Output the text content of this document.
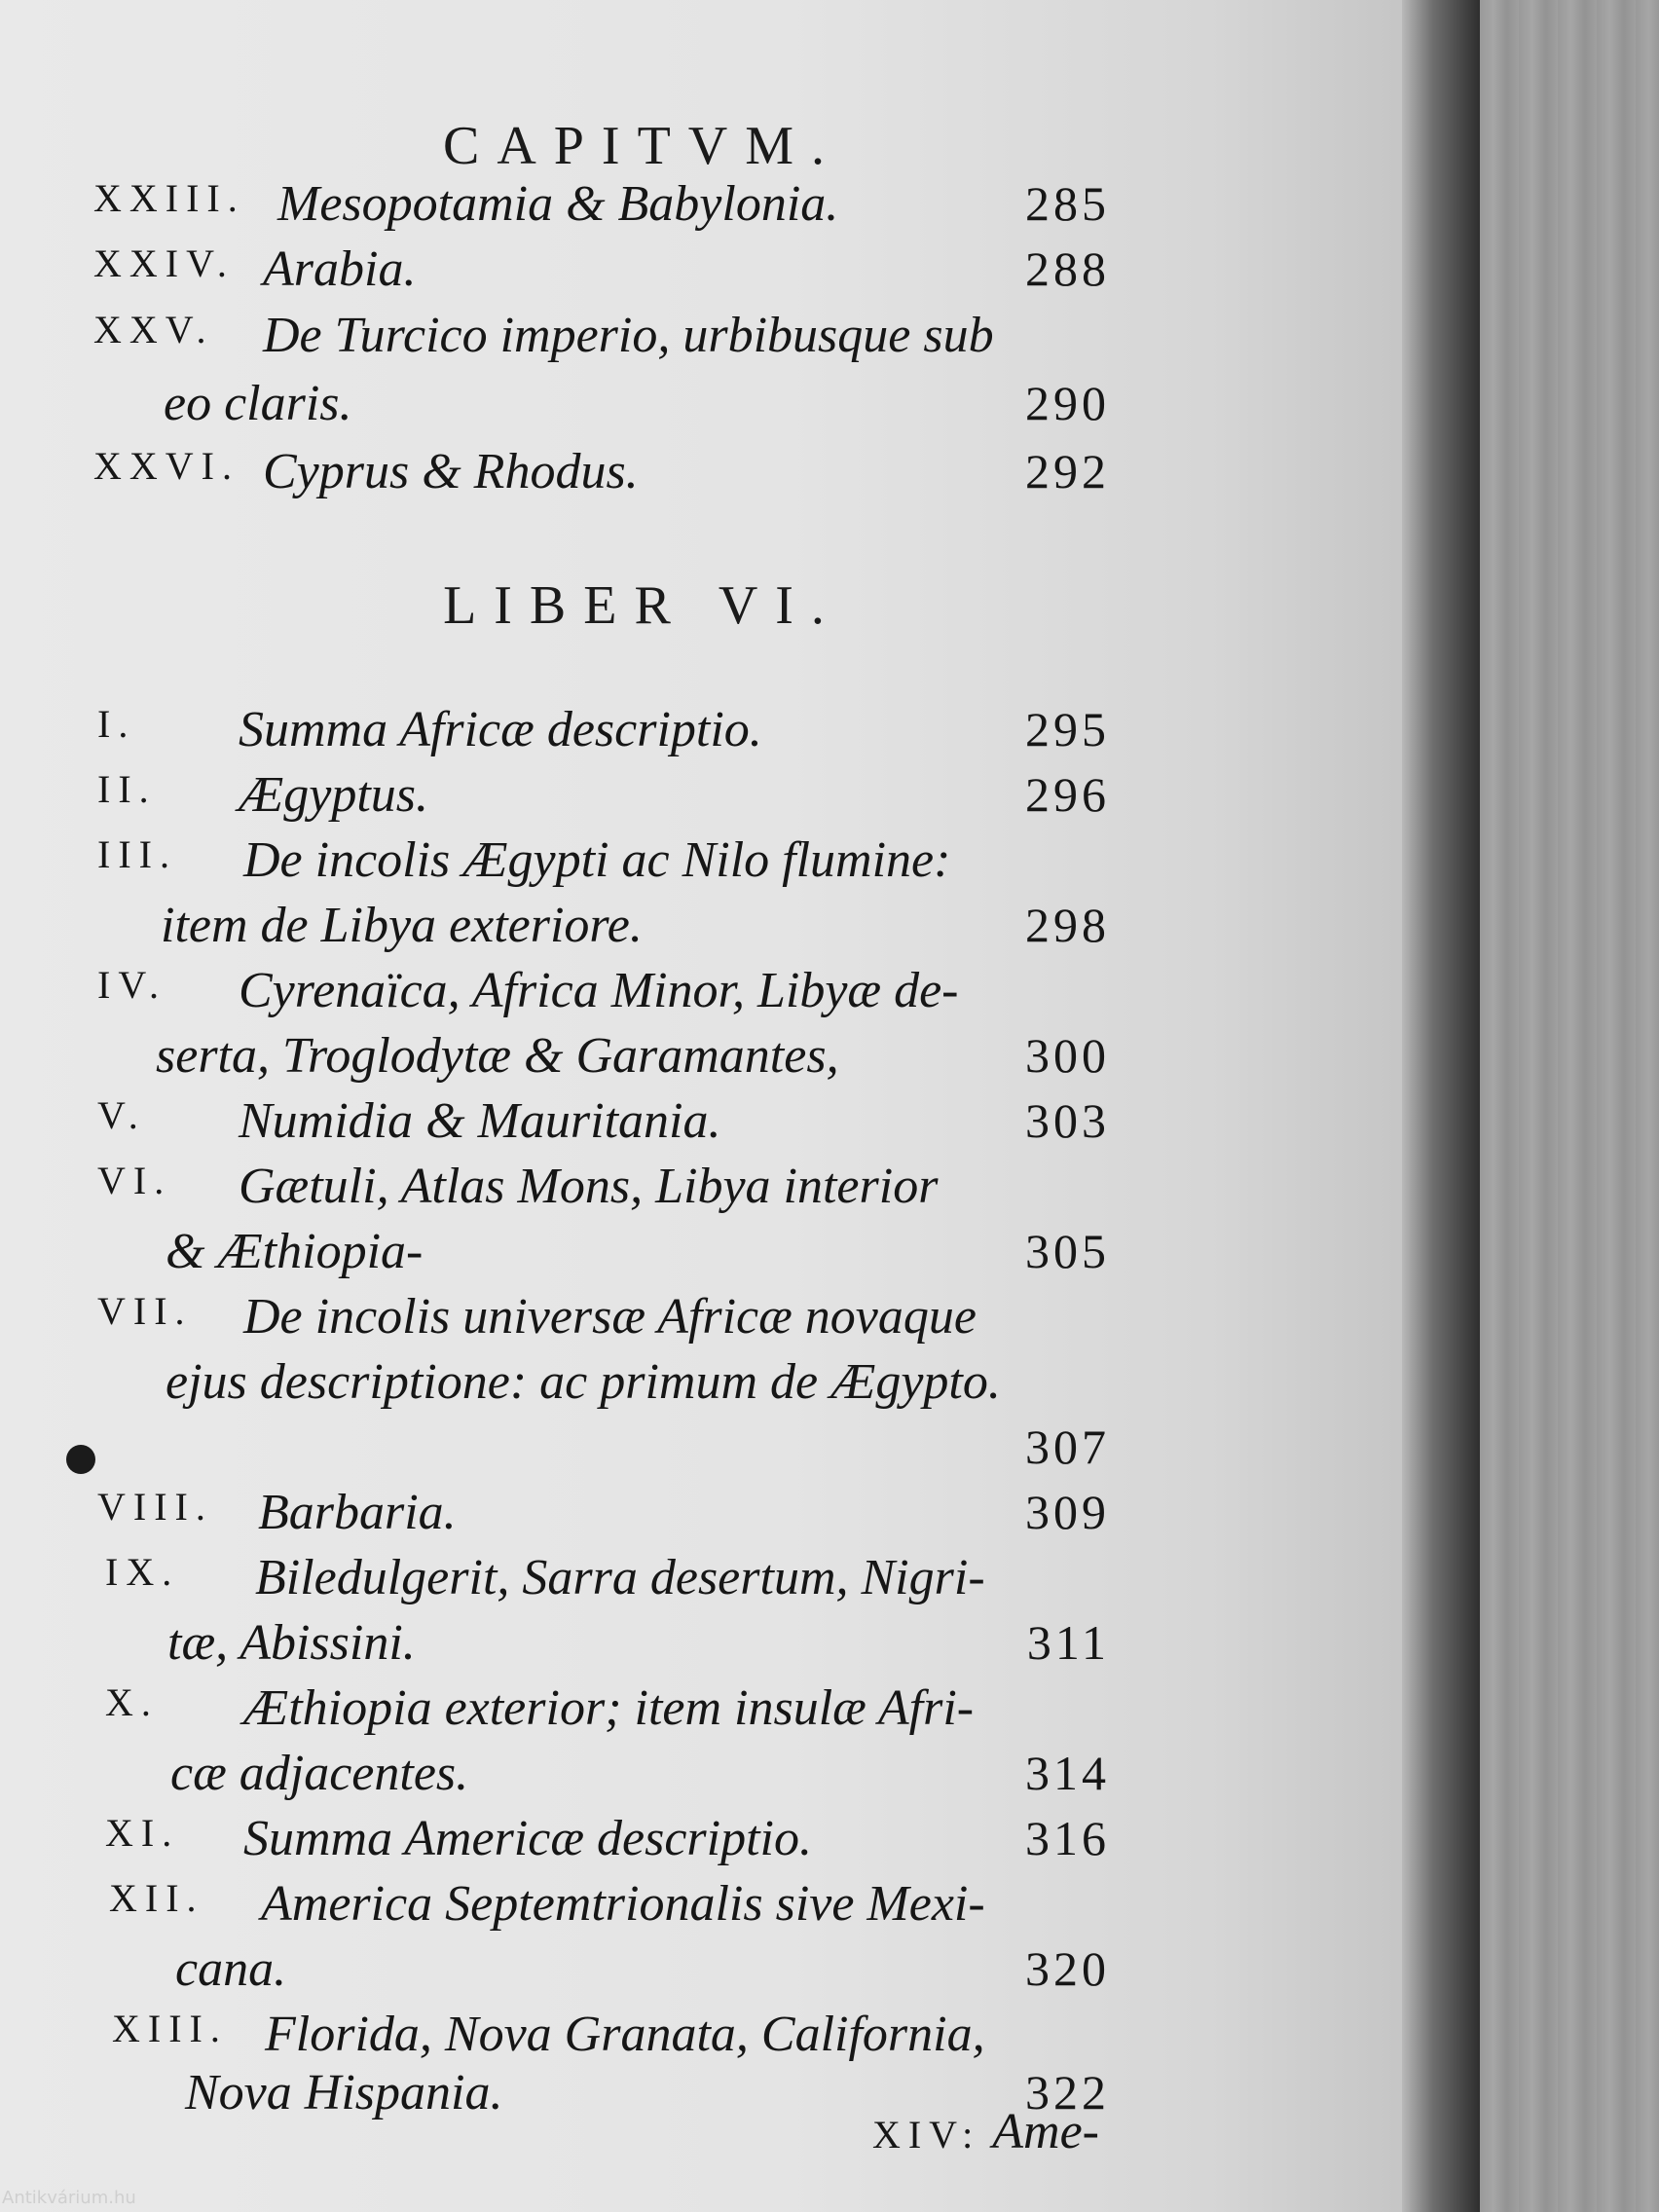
CAPITVM.
XXIII. Mesopotamia & Babylonia.	285
XXIV. Arabia.	288
XXV. De Turcico imperio, urbibusque sub
eo claris.	290
XXVI. Cyprus & Rhodus.	292
LIBER VI.
I. Summa Africæ descriptio.	295
II. Ægyptus.	296
III. De incolis Ægypti ac Nilo flumine:
item de Libya exteriore.	298
IV. Cyrenaïca, Africa Minor, Libyæ de-
serta, Troglodytæ & Garamantes,	300
V. Numidia & Mauritania.	303
VI. Gætuli, Atlas Mons, Libya interior
& Æthiopia-	305
VII. De incolis universæ Africæ novaque
ejus descriptione: ac primum de Ægypto.
307
VIII. Barbaria.	309
IX. Biledulgerit, Sarra desertum, Nigri-
tæ, Abissini.	311
X. Æthiopia exterior; item insulæ Afri-
cæ adjacentes.	314
XI. Summa Americæ descriptio.	316
XII. America Septemtrionalis sive Mexi-
cana.	320
XIII. Florida, Nova Granata, California,
Nova Hispania.	322
XIV: Ame-
Antikvárium.hu
